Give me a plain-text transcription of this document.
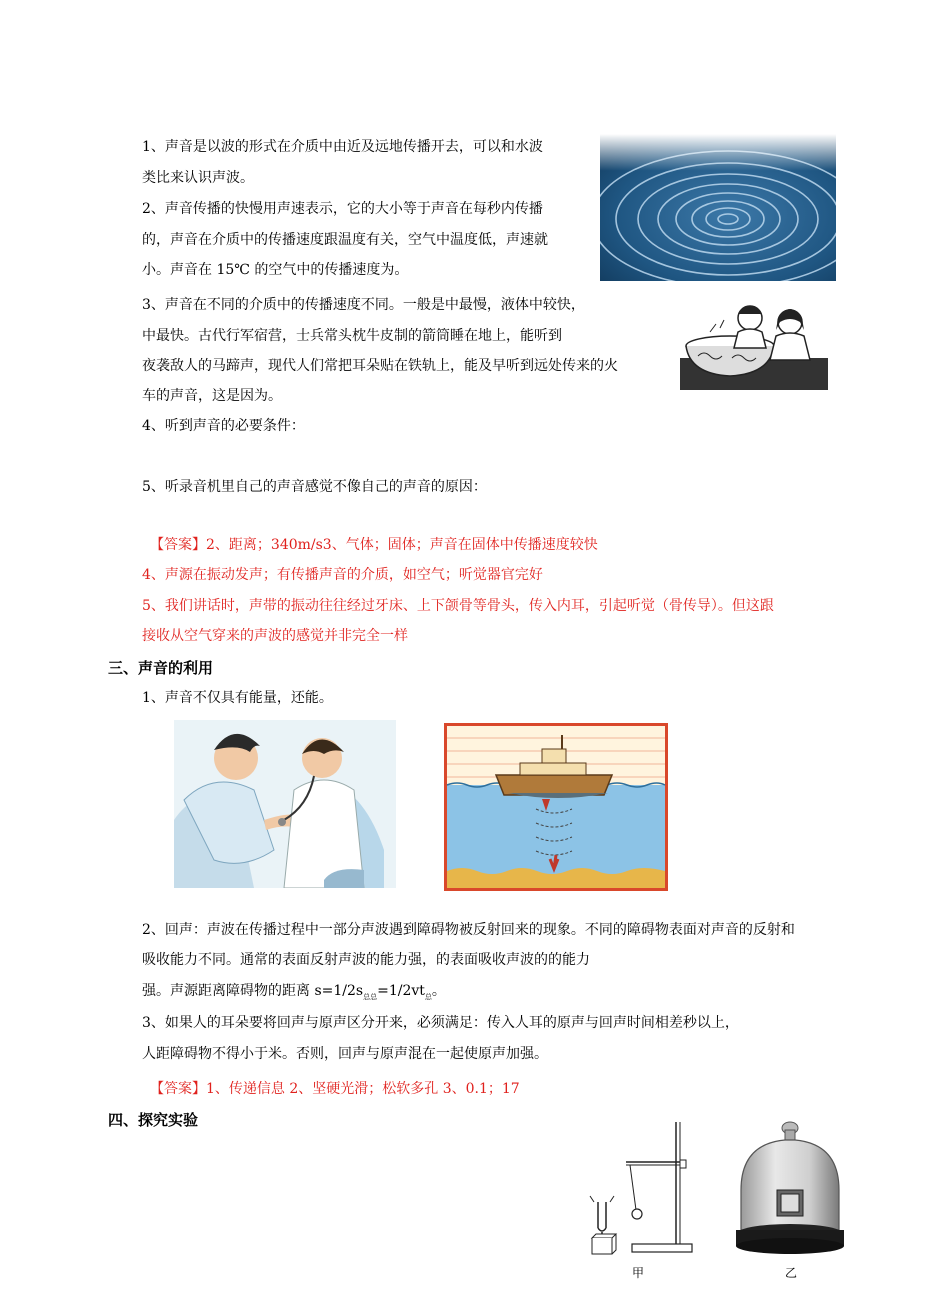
1、声音是以波的形式在介质中由近及远地传播开去，可以和水波
类比来认识声波。
2、声音传播的快慢用声速表示，它的大小等于声音在每秒内传播
的，声音在介质中的传播速度跟温度有关，空气中温度低，声速就
小。声音在 15℃ 的空气中的传播速度为。
3、声音在不同的介质中的传播速度不同。一般是中最慢，液体中较快，
中最快。古代行军宿营，士兵常头枕牛皮制的箭筒睡在地上，能听到
夜袭敌人的马蹄声，现代人们常把耳朵贴在铁轨上，能及早听到远处传来的火
车的声音，这是因为。
4、听到声音的必要条件：
5、听录音机里自己的声音感觉不像自己的声音的原因：
【答案】2、距离；340m/s3、气体；固体；声音在固体中传播速度较快
4、声源在振动发声；有传播声音的介质，如空气；听觉器官完好
5、我们讲话时，声带的振动往往经过牙床、上下颌骨等骨头，传入内耳，引起听觉（骨传导）。但这跟
接收从空气穿来的声波的感觉并非完全一样
三、声音的利用
1、声音不仅具有能量，还能。
2、回声：声波在传播过程中一部分声波遇到障碍物被反射回来的现象。不同的障碍物表面对声音的反射和
吸收能力不同。通常的表面反射声波的能力强，的表面吸收声波的的能力
强。声源距离障碍物的距离 $s=1/2s_{总总}=1/2vt_总$。
3、如果人的耳朵要将回声与原声区分开来，必须满足：传入人耳的原声与回声时间相差秒以上，
人距障碍物不得小于米。否则，回声与原声混在一起使原声加强。
【答案】1、传递信息 2、坚硬光滑；松软多孔 3、0.1；17
四、探究实验
甲	乙
